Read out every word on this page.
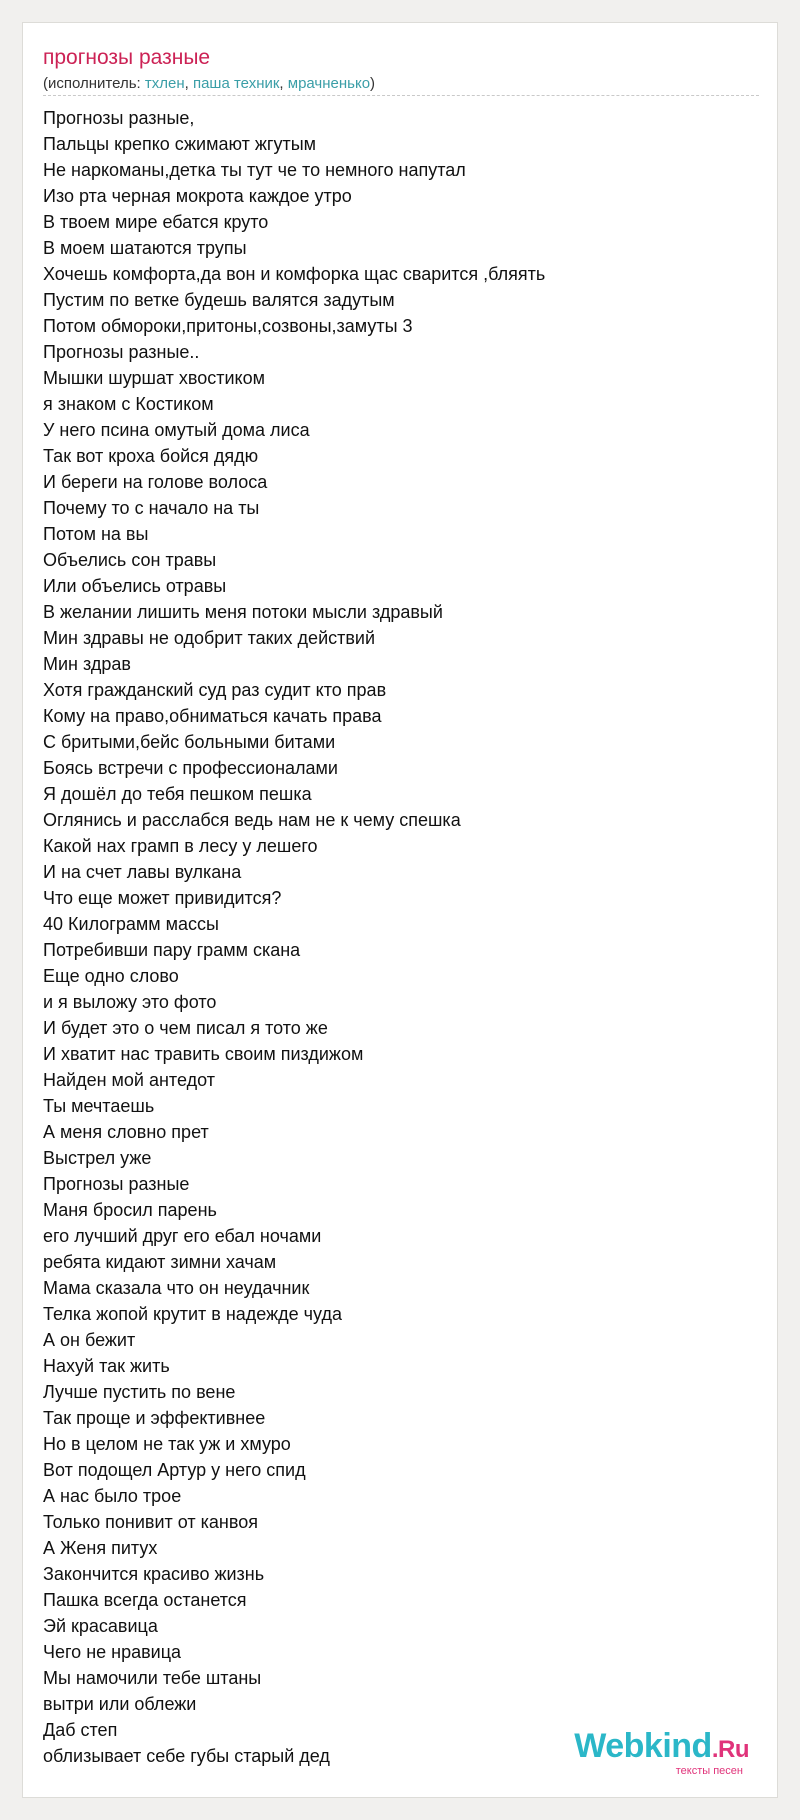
прогнозы разные
(исполнитель: тхлен, паша техник, мрачненько)
Прогнозы разные,
Пальцы крепко сжимают жгутым
Не наркоманы,детка ты тут че то немного напутал
Изо рта черная мокрота каждое утро
В твоем мире ебатся круто
В моем шатаются трупы
Хочешь комфорта,да вон и комфорка щас сварится ,бляять
Пустим по ветке будешь валятся задутым
Потом обмороки,притоны,созвоны,замуты 3
Прогнозы разные..
Мышки шуршат хвостиком
я знаком с Костиком
У него псина омутый дома лиса
Так вот кроха бойся дядю
И береги на голове волоса
Почему то с начало на ты
Потом на вы
Объелись сон травы
Или объелись отравы
В желании лишить меня потоки мысли здравый
Мин здравы не одобрит таких действий
Мин здрав
Хотя гражданский суд раз судит кто прав
Кому на право,обниматься качать права
С бритыми,бейс больными битами
Боясь встречи с профессионалами
Я дошёл до тебя пешком пешка
Оглянись и расслабся ведь нам не к чему спешка
Какой нах грамп в лесу у лешего
И на счет лавы вулкана
Что еще может привидится?
40 Килограмм массы
Потребивши пару грамм скана
Еще одно слово
и я выложу это фото
И будет это о чем писал я тото же
И хватит нас травить своим пиздижом
Найден мой антедот
Ты мечтаешь
А меня словно прет
Выстрел уже
Прогнозы разные
Маня бросил парень
его лучший друг его ебал ночами
ребята кидают зимни хачам
Мама сказала что он неудачник
Телка жопой крутит в надежде чуда
А он бежит
Нахуй так жить
Лучше пустить по вене
Так проще и эффективнее
Но в целом не так уж и хмуро
Вот подощел Артур у него спид
А нас было трое
Только понивит от канвоя
А Женя питух
Закончится красиво жизнь
Пашка всегда останется
Эй красавица
Чего не нравица
Мы намочили тебе штаны
вытри или облежи
Даб степ
облизывает себе губы старый дед	Webkind.Ru
тексты песен
